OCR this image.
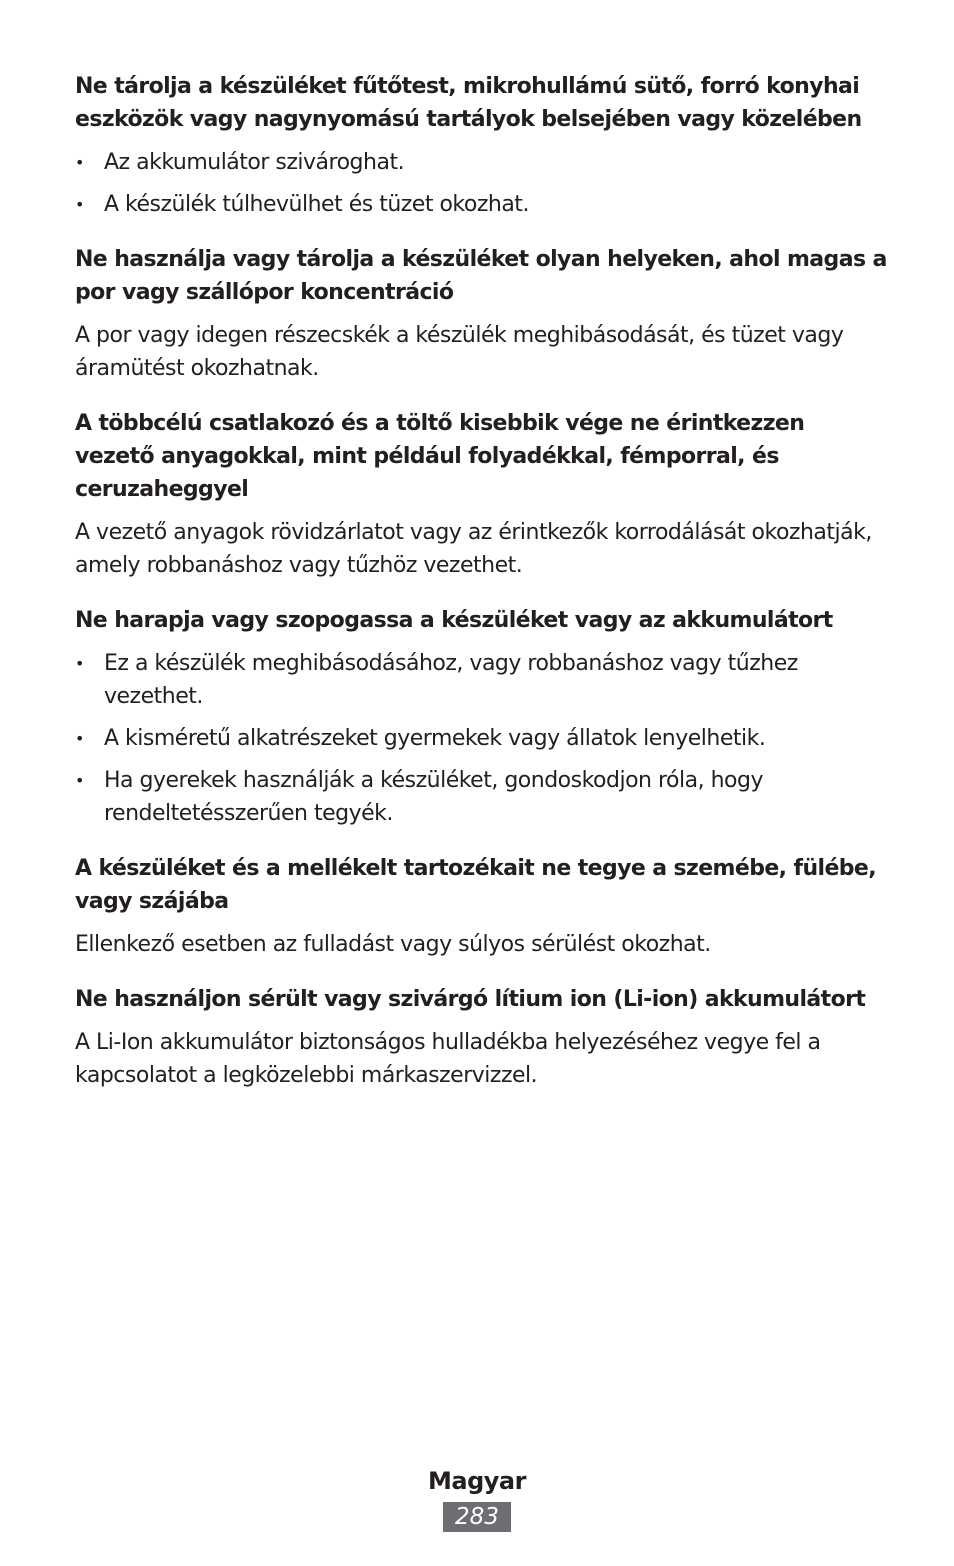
Ne tárolja a készüléket fűtőtest, mikrohullámú sütő, forró konyhai eszközök vagy nagynyomású tartályok belsejében vagy közelében

• Az akkumulátor szivároghat.
• A készülék túlhevülhet és tüzet okozhat.

Ne használja vagy tárolja a készüléket olyan helyeken, ahol magas a por vagy szállópor koncentráció

A por vagy idegen részecskék a készülék meghibásodását, és tüzet vagy áramütést okozhatnak.

A többcélú csatlakozó és a töltő kisebbik vége ne érintkezzen vezető anyagokkal, mint például folyadékkal, fémporral, és ceruzaheggyel

A vezető anyagok rövidzárlatot vagy az érintkezők korrodálását okozhatják, amely robbanáshoz vagy tűzhöz vezethet.

Ne harapja vagy szopogassa a készüléket vagy az akkumulátort

• Ez a készülék meghibásodásához, vagy robbanáshoz vagy tűzhez vezethet.
• A kisméretű alkatrészeket gyermekek vagy állatok lenyelhetik.
• Ha gyerekek használják a készüléket, gondoskodjon róla, hogy rendeltetésszerűen tegyék.

A készüléket és a mellékelt tartozékait ne tegye a szemébe, fülébe, vagy szájába

Ellenkező esetben az fulladást vagy súlyos sérülést okozhat.

Ne használjon sérült vagy szivárgó lítium ion (Li-ion) akkumulátort

A Li-Ion akkumulátor biztonságos hulladékba helyezéséhez vegye fel a kapcsolatot a legközelebbi márkaszervizzel.

Magyar
283
